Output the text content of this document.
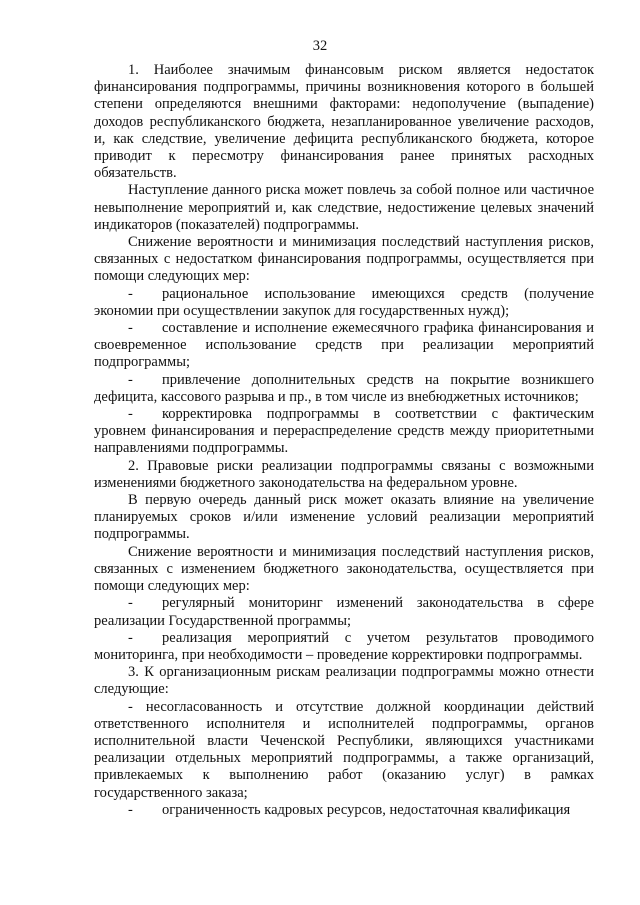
32

1. Наиболее значимым финансовым риском является недостаток финансирования подпрограммы, причины возникновения которого в большей степени определяются внешними факторами: недополучение (выпадение) доходов республиканского бюджета, незапланированное увеличение расходов, и, как следствие, увеличение дефицита республиканского бюджета, которое приводит к пересмотру финансирования ранее принятых расходных обязательств.

Наступление данного риска может повлечь за собой полное или частичное невыполнение мероприятий и, как следствие, недостижение целевых значений индикаторов (показателей) подпрограммы.

Снижение вероятности и минимизация последствий наступления рисков, связанных с недостатком финансирования подпрограммы, осуществляется при помощи следующих мер:

- рациональное использование имеющихся средств (получение экономии при осуществлении закупок для государственных нужд);

- составление и исполнение ежемесячного графика финансирования и своевременное использование средств при реализации мероприятий подпрограммы;

- привлечение дополнительных средств на покрытие возникшего дефицита, кассового разрыва и пр., в том числе из внебюджетных источников;

- корректировка подпрограммы в соответствии с фактическим уровнем финансирования и перераспределение средств между приоритетными направлениями подпрограммы.

2. Правовые риски реализации подпрограммы связаны с возможными изменениями бюджетного законодательства на федеральном уровне.

В первую очередь данный риск может оказать влияние на увеличение планируемых сроков и/или изменение условий реализации мероприятий подпрограммы.

Снижение вероятности и минимизация последствий наступления рисков, связанных с изменением бюджетного законодательства, осуществляется при помощи следующих мер:

- регулярный мониторинг изменений законодательства в сфере реализации Государственной программы;

- реализация мероприятий с учетом результатов проводимого мониторинга, при необходимости – проведение корректировки подпрограммы.

3. К организационным рискам реализации подпрограммы можно отнести следующие:

- несогласованность и отсутствие должной координации действий ответственного исполнителя и исполнителей подпрограммы, органов исполнительной власти Чеченской Республики, являющихся участниками реализации отдельных мероприятий подпрограммы, а также организаций, привлекаемых к выполнению работ (оказанию услуг) в рамках государственного заказа;

- ограниченность кадровых ресурсов, недостаточная квалификация
